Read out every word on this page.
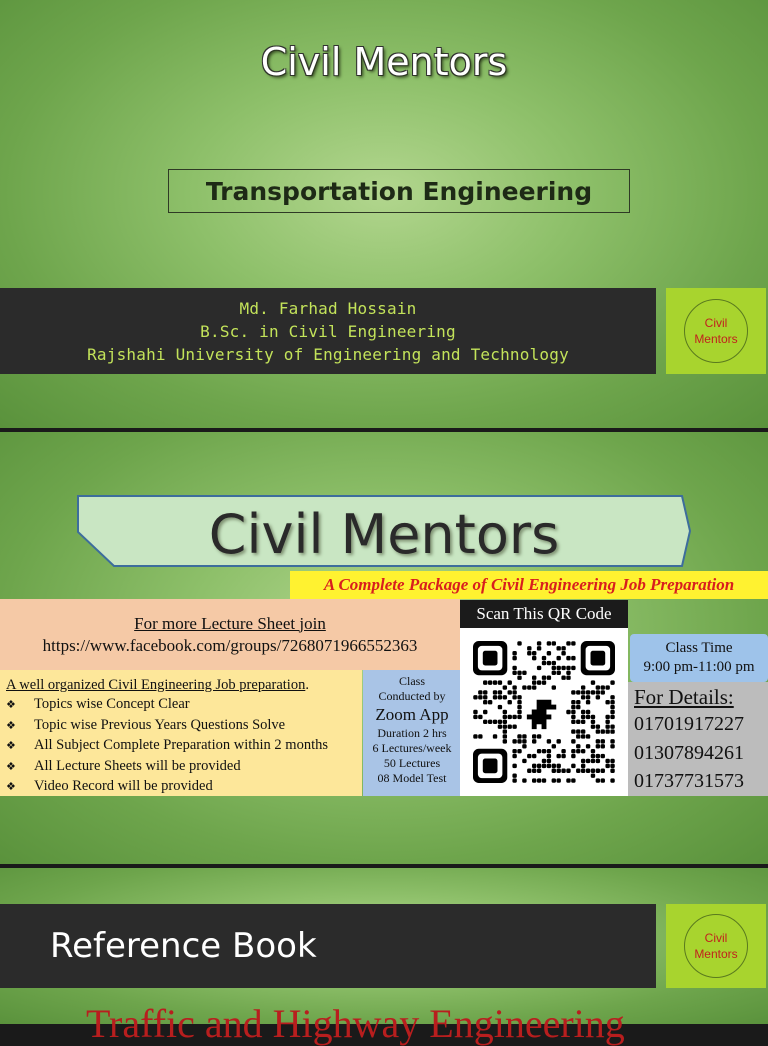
Civil Mentors
Transportation Engineering
Md. Farhad Hossain
B.Sc. in Civil Engineering
Rajshahi University of Engineering and Technology
Civil
Mentors
Civil Mentors
A Complete Package of Civil Engineering Job Preparation
For more Lecture Sheet join
https://www.facebook.com/groups/7268071966552363
A well organized Civil Engineering Job preparation.
❖ Topics wise Concept Clear
❖ Topic wise Previous Years Questions Solve
❖ All Subject Complete Preparation within 2 months
❖ All Lecture Sheets will be provided
❖ Video Record will be provided
Class
Conducted by
Zoom App
Duration 2 hrs
6 Lectures/week
50 Lectures
08 Model Test
Scan This QR Code
Class Time
9:00 pm-11:00 pm
For Details:
01701917227
01307894261
01737731573
Reference Book	Civil
Mentors
Traffic and Highway Engineering
